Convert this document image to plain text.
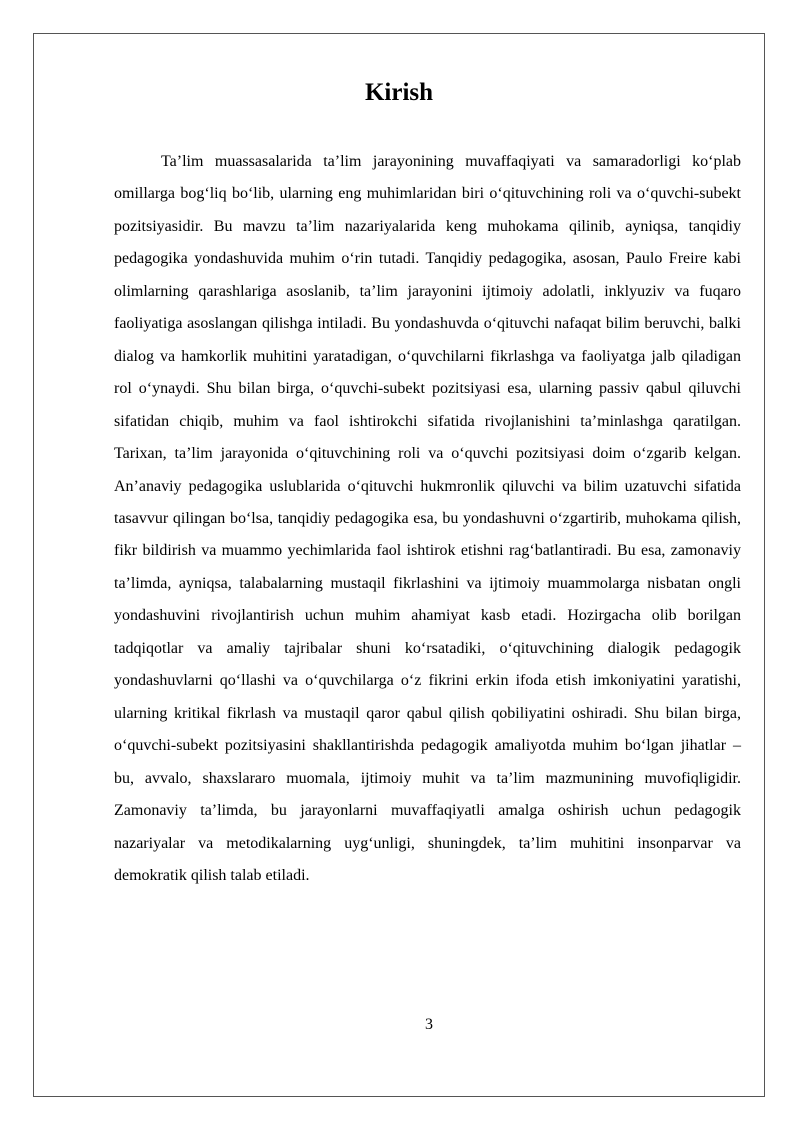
Kirish

Ta’lim muassasalarida ta’lim jarayonining muvaffaqiyati va samaradorligi ko‘plab omillarga bog‘liq bo‘lib, ularning eng muhimlaridan biri o‘qituvchining roli va o‘quvchi-subekt pozitsiyasidir. Bu mavzu ta’lim nazariyalarida keng muhokama qilinib, ayniqsa, tanqidiy pedagogika yondashuvida muhim o‘rin tutadi. Tanqidiy pedagogika, asosan, Paulo Freire kabi olimlarning qarashlariga asoslanib, ta’lim jarayonini ijtimoiy adolatli, inklyuziv va fuqaro faoliyatiga asoslangan qilishga intiladi. Bu yondashuvda o‘qituvchi nafaqat bilim beruvchi, balki dialog va hamkorlik muhitini yaratadigan, o‘quvchilarni fikrlashga va faoliyatga jalb qiladigan rol o‘ynaydi. Shu bilan birga, o‘quvchi-subekt pozitsiyasi esa, ularning passiv qabul qiluvchi sifatidan chiqib, muhim va faol ishtirokchi sifatida rivojlanishini ta’minlashga qaratilgan. Tarixan, ta’lim jarayonida o‘qituvchining roli va o‘quvchi pozitsiyasi doim o‘zgarib kelgan. An’anaviy pedagogika uslublarida o‘qituvchi hukmronlik qiluvchi va bilim uzatuvchi sifatida tasavvur qilingan bo‘lsa, tanqidiy pedagogika esa, bu yondashuvni o‘zgartirib, muhokama qilish, fikr bildirish va muammo yechimlarida faol ishtirok etishni rag‘batlantiradi. Bu esa, zamonaviy ta’limda, ayniqsa, talabalarning mustaqil fikrlashini va ijtimoiy muammolarga nisbatan ongli yondashuvini rivojlantirish uchun muhim ahamiyat kasb etadi. Hozirgacha olib borilgan tadqiqotlar va amaliy tajribalar shuni ko‘rsatadiki, o‘qituvchining dialogik pedagogik yondashuvlarni qo‘llashi va o‘quvchilarga o‘z fikrini erkin ifoda etish imkoniyatini yaratishi, ularning kritikal fikrlash va mustaqil qaror qabul qilish qobiliyatini oshiradi. Shu bilan birga, o‘quvchi-subekt pozitsiyasini shakllantirishda pedagogik amaliyotda muhim bo‘lgan jihatlar – bu, avvalo, shaxslararo muomala, ijtimoiy muhit va ta’lim mazmunining muvofiqligidir. Zamonaviy ta’limda, bu jarayonlarni muvaffaqiyatli amalga oshirish uchun pedagogik nazariyalar va metodikalarning uyg‘unligi, shuningdek, ta’lim muhitini insonparvar va demokratik qilish talab etiladi.

3
